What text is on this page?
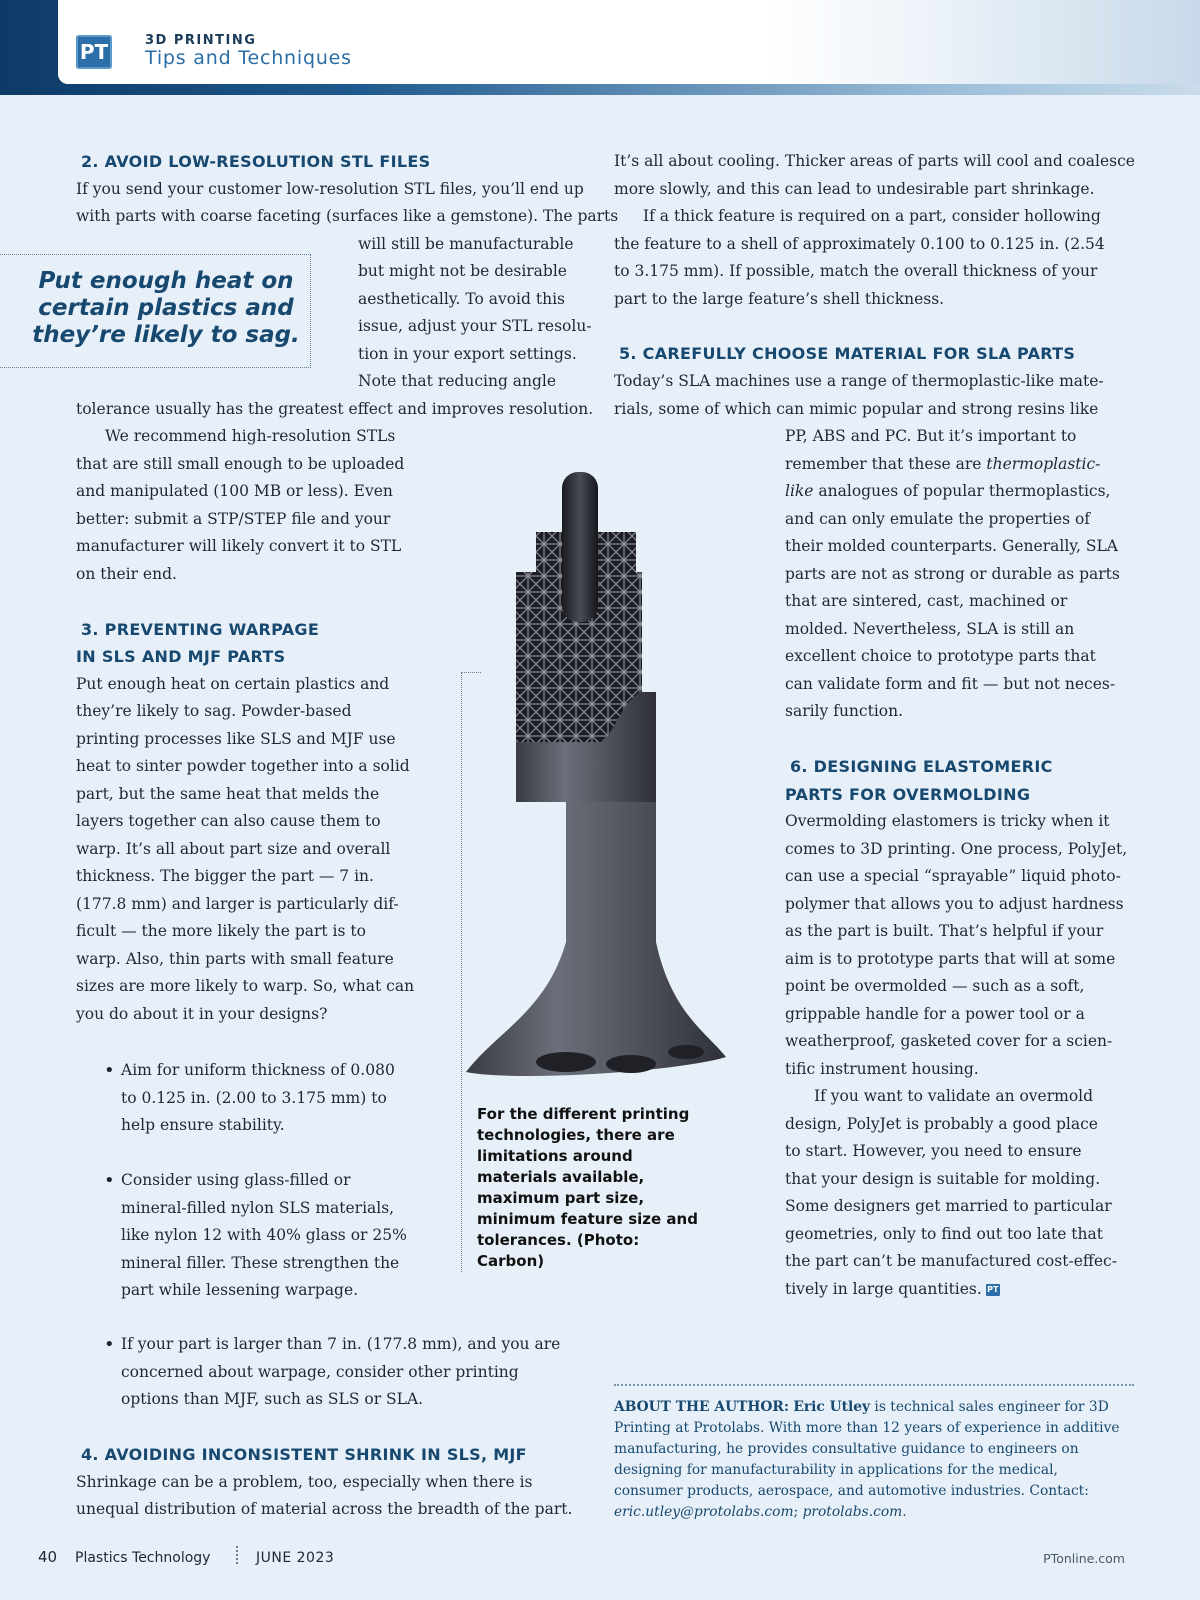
PT	3D PRINTING
Tips and Techniques
2. AVOID LOW-RESOLUTION STL FILES
If you send your customer low-resolution STL files, you’ll end up
with parts with coarse faceting (surfaces like a gemstone). The parts
will still be manufacturable
but might not be desirable
aesthetically. To avoid this
issue, adjust your STL resolu-
tion in your export settings.
Note that reducing angle
tolerance usually has the greatest effect and improves resolution.
We recommend high-resolution STLs
that are still small enough to be uploaded
and manipulated (100 MB or less). Even
better: submit a STP/STEP file and your
manufacturer will likely convert it to STL
on their end.
Put enough heat on certain plastics and they’re likely to sag.
3. PREVENTING WARPAGE
IN SLS AND MJF PARTS
Put enough heat on certain plastics and
they’re likely to sag. Powder-based
printing processes like SLS and MJF use
heat to sinter powder together into a solid
part, but the same heat that melds the
layers together can also cause them to
warp. It’s all about part size and overall
thickness. The bigger the part — 7 in.
(177.8 mm) and larger is particularly dif-
ficult — the more likely the part is to
warp. Also, thin parts with small feature
sizes are more likely to warp. So, what can
you do about it in your designs?
• Aim for uniform thickness of 0.080
to 0.125 in. (2.00 to 3.175 mm) to
help ensure stability.
• Consider using glass-filled or
mineral-filled nylon SLS materials,
like nylon 12 with 40% glass or 25%
mineral filler. These strengthen the
part while lessening warpage.
• If your part is larger than 7 in. (177.8 mm), and you are
concerned about warpage, consider other printing
options than MJF, such as SLS or SLA.
4. AVOIDING INCONSISTENT SHRINK IN SLS, MJF
Shrinkage can be a problem, too, especially when there is
unequal distribution of material across the breadth of the part.
It’s all about cooling. Thicker areas of parts will cool and coalesce
more slowly, and this can lead to undesirable part shrinkage.
If a thick feature is required on a part, consider hollowing
the feature to a shell of approximately 0.100 to 0.125 in. (2.54
to 3.175 mm). If possible, match the overall thickness of your
part to the large feature’s shell thickness.
5. CAREFULLY CHOOSE MATERIAL FOR SLA PARTS
Today’s SLA machines use a range of thermoplastic-like mate-
rials, some of which can mimic popular and strong resins like
PP, ABS and PC. But it’s important to
remember that these are thermoplastic-
like analogues of popular thermoplastics,
and can only emulate the properties of
their molded counterparts. Generally, SLA
parts are not as strong or durable as parts
that are sintered, cast, machined or
molded. Nevertheless, SLA is still an
excellent choice to prototype parts that
can validate form and fit — but not neces-
sarily function.
6. DESIGNING ELASTOMERIC
PARTS FOR OVERMOLDING
Overmolding elastomers is tricky when it
comes to 3D printing. One process, PolyJet,
can use a special “sprayable” liquid photo-
polymer that allows you to adjust hardness
as the part is built. That’s helpful if your
aim is to prototype parts that will at some
point be overmolded — such as a soft,
grippable handle for a power tool or a
weatherproof, gasketed cover for a scien-
tific instrument housing.
If you want to validate an overmold
design, PolyJet is probably a good place
to start. However, you need to ensure
that your design is suitable for molding.
Some designers get married to particular
geometries, only to find out too late that
the part can’t be manufactured cost-effec-
tively in large quantities. PT
For the different printing technologies, there are limitations around materials available, maximum part size, minimum feature size and tolerances. (Photo: Carbon)
ABOUT THE AUTHOR: Eric Utley is technical sales engineer for 3D
Printing at Protolabs. With more than 12 years of experience in additive
manufacturing, he provides consultative guidance to engineers on
designing for manufacturability in applications for the medical,
consumer products, aerospace, and automotive industries. Contact:
eric.utley@protolabs.com; protolabs.com.
40 Plastics Technology	JUNE 2023	PTonline.com
